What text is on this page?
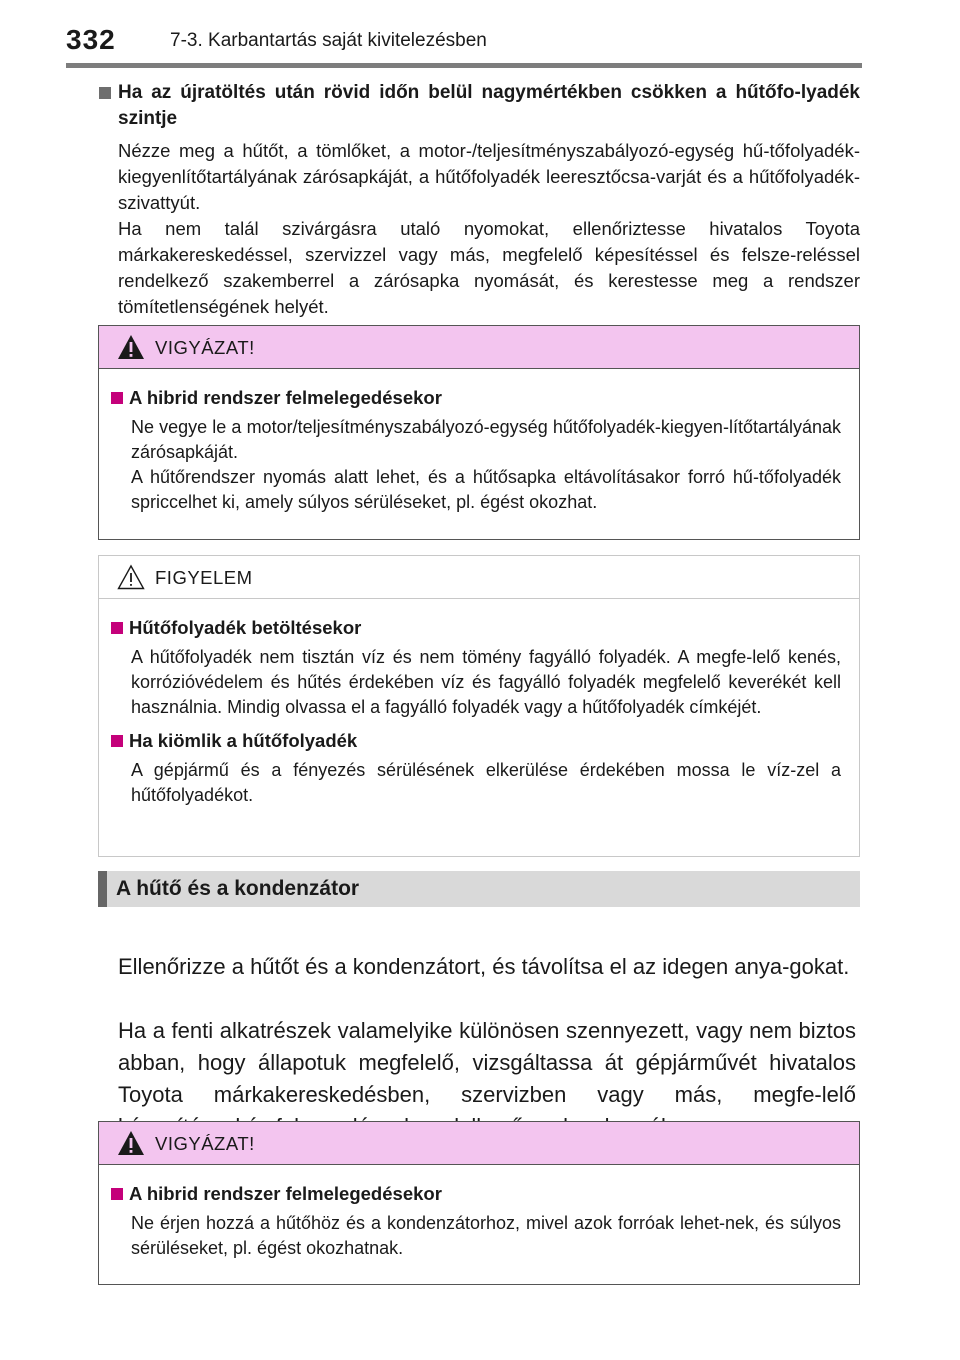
332	7-3. Karbantartás saját kivitelezésben
Ha az újratöltés után rövid időn belül nagymértékben csökken a hűtőfo-lyadék szintje
Nézze meg a hűtőt, a tömlőket, a motor-/teljesítményszabályozó-egység hű-tőfolyadék-kiegyenlítőtartályának zárósapkáját, a hűtőfolyadék leeresztőcsa-varját és a hűtőfolyadék-szivattyút.
Ha nem talál szivárgásra utaló nyomokat, ellenőriztesse hivatalos Toyota márkakereskedéssel, szervizzel vagy más, megfelelő képesítéssel és felsze-reléssel rendelkező szakemberrel a zárósapka nyomását, és kerestesse meg a rendszer tömítetlenségének helyét.
VIGYÁZAT!
A hibrid rendszer felmelegedésekor
Ne vegye le a motor/teljesítményszabályozó-egység hűtőfolyadék-kiegyen-lítőtartályának zárósapkáját.
A hűtőrendszer nyomás alatt lehet, és a hűtősapka eltávolításakor forró hű-tőfolyadék spriccelhet ki, amely súlyos sérüléseket, pl. égést okozhat.
FIGYELEM
Hűtőfolyadék betöltésekor
A hűtőfolyadék nem tisztán víz és nem tömény fagyálló folyadék. A megfe-lelő kenés, korrózióvédelem és hűtés érdekében víz és fagyálló folyadék megfelelő keverékét kell használnia. Mindig olvassa el a fagyálló folyadék vagy a hűtőfolyadék címkéjét.
Ha kiömlik a hűtőfolyadék
A gépjármű és a fényezés sérülésének elkerülése érdekében mossa le víz-zel a hűtőfolyadékot.
A hűtő és a kondenzátor

Ellenőrizze a hűtőt és a kondenzátort, és távolítsa el az idegen anya-gokat.

Ha a fenti alkatrészek valamelyike különösen szennyezett, vagy nem biztos abban, hogy állapotuk megfelelő, vizsgáltassa át gépjárművét hivatalos Toyota márkakereskedésben, szervizben vagy más, megfe-lelő

VIGYÁZAT!
A hibrid rendszer felmelegedésekor
Ne érjen hozzá a hűtőhöz és a kondenzátorhoz, mivel azok forróak lehet-nek, és súlyos sérüléseket, pl. égést okozhatnak.
